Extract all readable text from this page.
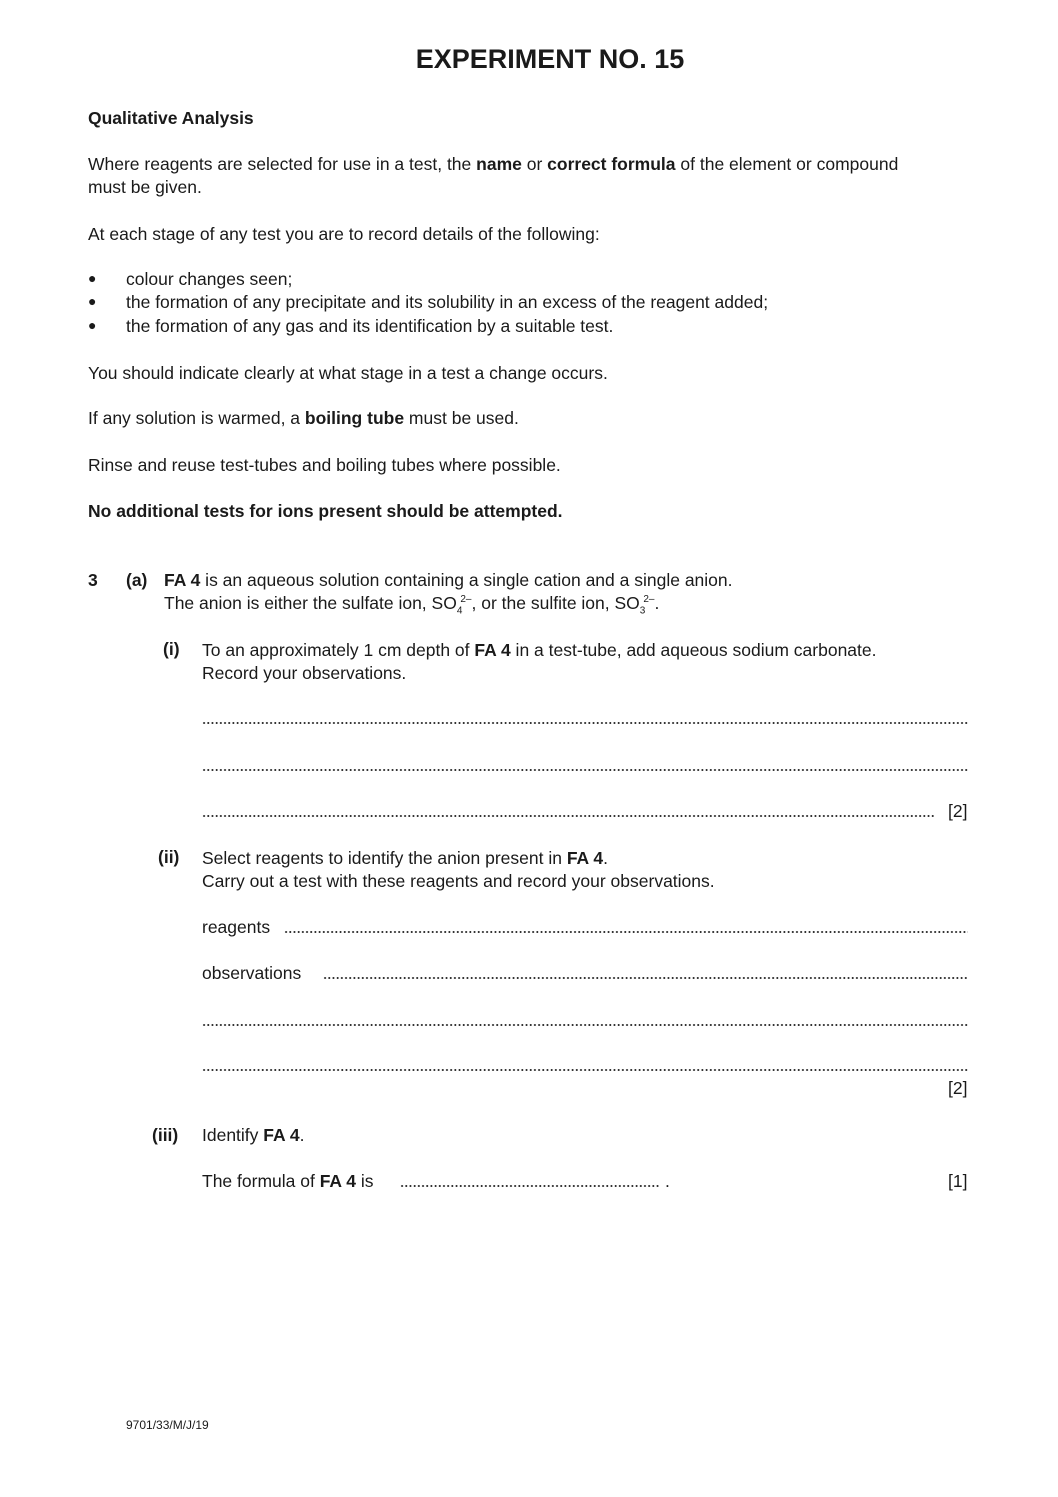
EXPERIMENT NO. 15
Qualitative Analysis
Where reagents are selected for use in a test, the name or correct formula of the element or compound
must be given.
At each stage of any test you are to record details of the following:
● colour changes seen;
● the formation of any precipitate and its solubility in an excess of the reagent added;
● the formation of any gas and its identification by a suitable test.
You should indicate clearly at what stage in a test a change occurs.
If any solution is warmed, a boiling tube must be used.
Rinse and reuse test-tubes and boiling tubes where possible.
No additional tests for ions present should be attempted.
3 (a) FA 4 is an aqueous solution containing a single cation and a single anion.
The anion is either the sulfate ion, $SO_4^{2-}$, or the sulfite ion, $SO_3^{2-}$.
(i) To an approximately 1 cm depth of FA 4 in a test-tube, add aqueous sodium carbonate.
Record your observations.
[2]
(ii) Select reagents to identify the anion present in FA 4.
Carry out a test with these reagents and record your observations.
reagents
observations
[2]
(iii) Identify FA 4.
The formula of FA 4 is	.	[1]
9701/33/M/J/19
